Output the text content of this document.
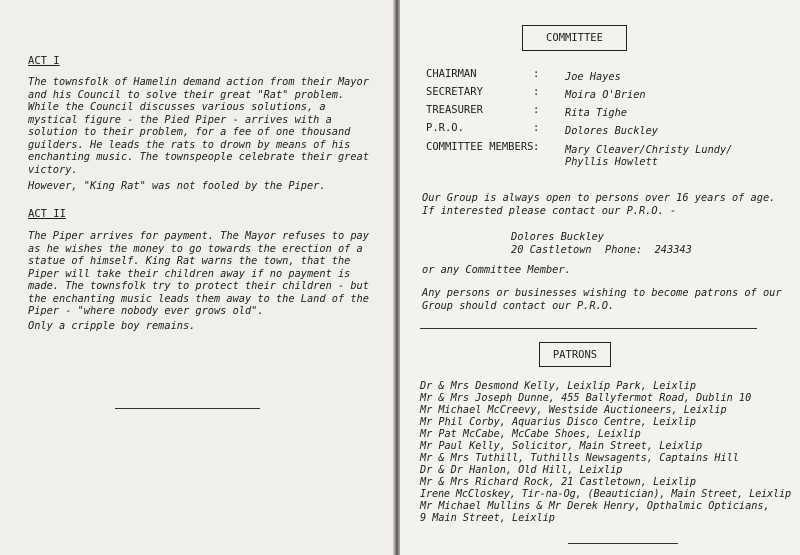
ACT I
The townsfolk of Hamelin demand action from their Mayor
and his Council to solve their great "Rat" problem.
While the Council discusses various solutions, a
mystical figure - the Pied Piper - arrives with a
solution to their problem, for a fee of one thousand
guilders. He leads the rats to drown by means of his
enchanting music. The townspeople celebrate their great
victory.
However, "King Rat" was not fooled by the Piper.
ACT II
The Piper arrives for payment. The Mayor refuses to pay
as he wishes the money to go towards the erection of a
statue of himself. King Rat warns the town, that the
Piper will take their children away if no payment is
made. The townsfolk try to protect their children - but
the enchanting music leads them away to the Land of the
Piper - "where nobody ever grows old".
Only a cripple boy remains.
COMMITTEE
CHAIRMAN	: Joe Hayes
SECRETARY	: Moira O'Brien
TREASURER	: Rita Tighe
P.R.O.	: Dolores Buckley
COMMITTEE MEMBERS : Mary Cleaver/Christy Lundy/
Phyllis Howlett
Our Group is always open to persons over 16 years of age.
If interested please contact our P.R.O. -
Dolores Buckley
20 Castletown Phone:  243343
or any Committee Member.
Any persons or businesses wishing to become patrons of our
Group should contact our P.R.O.
PATRONS
Dr & Mrs Desmond Kelly, Leixlip Park, Leixlip
Mr & Mrs Joseph Dunne, 455 Ballyfermot Road, Dublin 10
Mr Michael McCreevy, Westside Auctioneers, Leixlip
Mr Phil Corby, Aquarius Disco Centre, Leixlip
Mr Pat McCabe, McCabe Shoes, Leixlip
Mr Paul Kelly, Solicitor, Main Street, Leixlip
Mr & Mrs Tuthill, Tuthills Newsagents, Captains Hill
Dr & Dr Hanlon, Old Hill, Leixlip
Mr & Mrs Richard Rock, 21 Castletown, Leixlip
Irene McCloskey, Tir-na-Og, (Beautician), Main Street, Leixlip
Mr Michael Mullins & Mr Derek Henry, Opthalmic Opticians,
9 Main Street, Leixlip
